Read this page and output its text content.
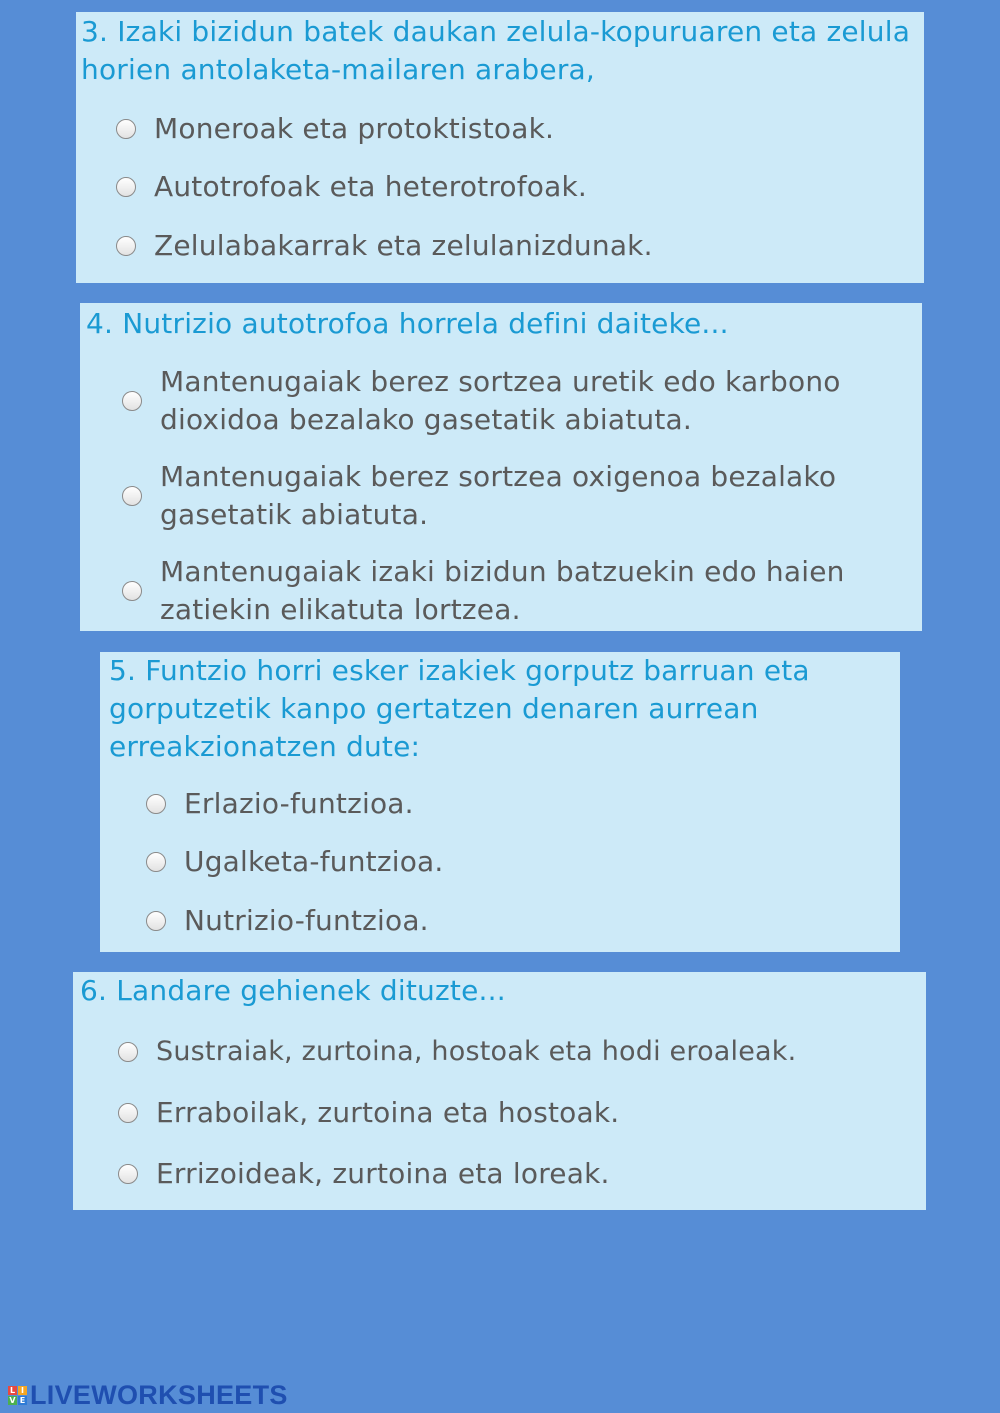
3. Izaki bizidun batek daukan zelula-kopuruaren eta zelula horien antolaketa-mailaren arabera,

Moneroak eta protoktistoak.
Autotrofoak eta heterotrofoak.
Zelulabakarrak eta zelulanizdunak.

4. Nutrizio autotrofoa horrela defini daiteke...

Mantenugaiak berez sortzea uretik edo karbono dioxidoa bezalako gasetatik abiatuta.
Mantenugaiak berez sortzea oxigenoa bezalako gasetatik abiatuta.
Mantenugaiak izaki bizidun batzuekin edo haien zatiekin elikatuta lortzea.

5. Funtzio horri esker izakiek gorputz barruan eta gorputzetik kanpo gertatzen denaren aurrean erreakzionatzen dute:

Erlazio-funtzioa.
Ugalketa-funtzioa.
Nutrizio-funtzioa.

6. Landare gehienek dituzte...

Sustraiak, zurtoina, hostoak eta hodi eroaleak.
Erraboilak, zurtoina eta hostoak.
Errizoideak, zurtoina eta loreak.
L I
V E LIVEWORKSHEETS
